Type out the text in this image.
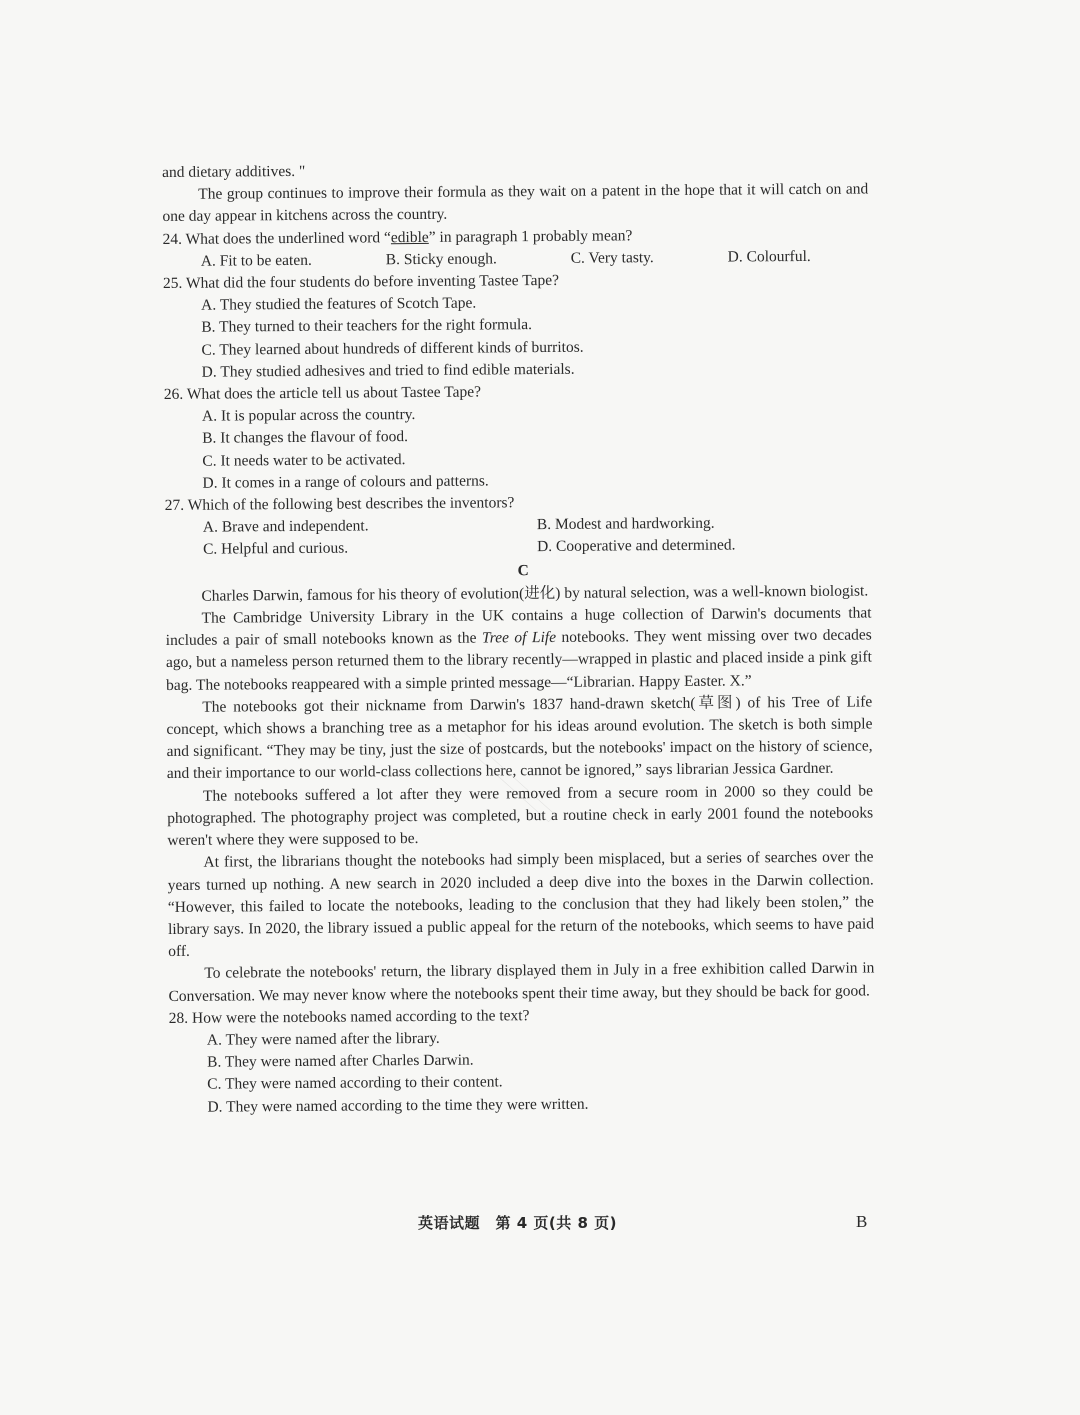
and dietary additives. "

The group continues to improve their formula as they wait on a patent in the hope that it will catch on and one day appear in kitchens across the country.

24. What does the underlined word “edible” in paragraph 1 probably mean?

A. Fit to be eaten.	B. Sticky enough.	C. Very tasty.	D. Colourful.

25. What did the four students do before inventing Tastee Tape?

A. They studied the features of Scotch Tape.

B. They turned to their teachers for the right formula.

C. They learned about hundreds of different kinds of burritos.

D. They studied adhesives and tried to find edible materials.

26. What does the article tell us about Tastee Tape?

A. It is popular across the country.

B. It changes the flavour of food.

C. It needs water to be activated.

D. It comes in a range of colours and patterns.

27. Which of the following best describes the inventors?

A. Brave and independent.	B. Modest and hardworking.
C. Helpful and curious.	D. Cooperative and determined.

C

Charles Darwin, famous for his theory of evolution(进化) by natural selection, was a well-known biologist.

The Cambridge University Library in the UK contains a huge collection of Darwin's documents that includes a pair of small notebooks known as the Tree of Life notebooks. They went missing over two decades ago, but a nameless person returned them to the library recently—wrapped in plastic and placed inside a pink gift bag. The notebooks reappeared with a simple printed message—“Librarian. Happy Easter. X.”

The notebooks got their nickname from Darwin's 1837 hand-drawn sketch(草图) of his Tree of Life concept, which shows a branching tree as a metaphor for his ideas around evolution. The sketch is both simple and significant. “They may be tiny, just the size of postcards, but the notebooks' impact on the history of science, and their importance to our world-class collections here, cannot be ignored,” says librarian Jessica Gardner.

The notebooks suffered a lot after they were removed from a secure room in 2000 so they could be photographed. The photography project was completed, but a routine check in early 2001 found the notebooks weren't where they were supposed to be.

At first, the librarians thought the notebooks had simply been misplaced, but a series of searches over the years turned up nothing. A new search in 2020 included a deep dive into the boxes in the Darwin collection. “However, this failed to locate the notebooks, leading to the conclusion that they had likely been stolen,” the library says. In 2020, the library issued a public appeal for the return of the notebooks, which seems to have paid off.

To celebrate the notebooks' return, the library displayed them in July in a free exhibition called Darwin in Conversation. We may never know where the notebooks spent their time away, but they should be back for good.

28. How were the notebooks named according to the text?

A. They were named after the library.

B. They were named after Charles Darwin.

C. They were named according to their content.

D. They were named according to the time they were written.

英语试题　第 4 页(共 8 页)	B
